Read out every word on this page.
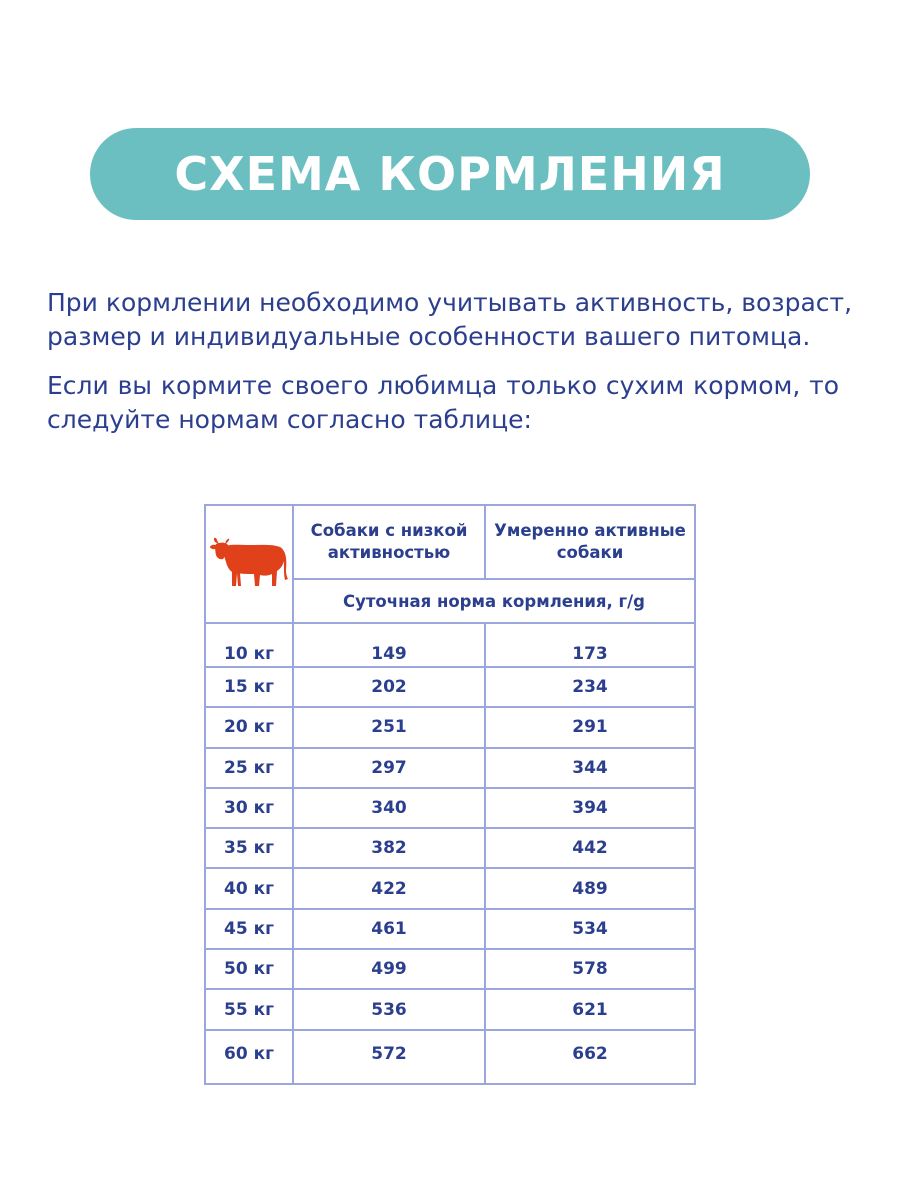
СХЕМА КОРМЛЕНИЯ

При кормлении необходимо учитывать активность, возраст, размер и индивидуальные особенности вашего питомца.

Если вы кормите своего любимца только сухим кормом, то следуйте нормам согласно таблице:

	Собаки с низкой активностью	Умеренно активные собаки
	Суточная норма кормления, г/g	
10 кг	149	173
15 кг	202	234
20 кг	251	291
25 кг	297	344
30 кг	340	394
35 кг	382	442
40 кг	422	489
45 кг	461	534
50 кг	499	578
55 кг	536	621
60 кг	572	662
